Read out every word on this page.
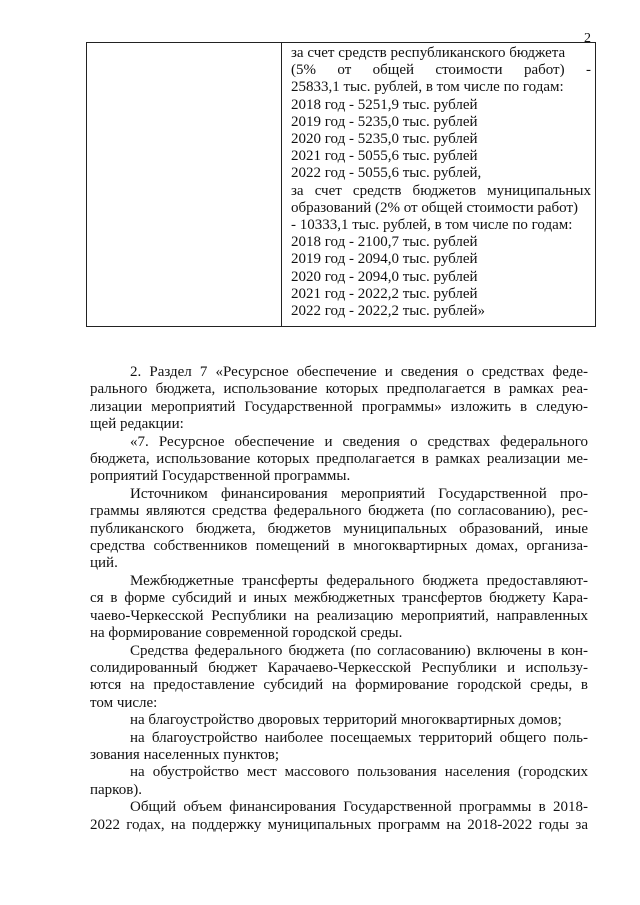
2
за счет средств республиканского бюджета
(5% от общей стоимости работ) -
25833,1 тыс. рублей, в том числе по годам:
2018 год - 5251,9 тыс. рублей
2019 год - 5235,0 тыс. рублей
2020 год - 5235,0 тыс. рублей
2021 год - 5055,6 тыс. рублей
2022 год - 5055,6 тыс. рублей,
за счет средств бюджетов муниципальных
образований (2% от общей стоимости работ)
- 10333,1 тыс. рублей, в том числе по годам:
2018 год - 2100,7 тыс. рублей
2019 год - 2094,0 тыс. рублей
2020 год - 2094,0 тыс. рублей
2021 год - 2022,2 тыс. рублей
2022 год - 2022,2 тыс. рублей»
2. Раздел 7 «Ресурсное обеспечение и сведения о средствах феде-
рального бюджета, использование которых предполагается в рамках реа-
лизации мероприятий Государственной программы» изложить в следую-
щей редакции:
«7. Ресурсное обеспечение и сведения о средствах федерального
бюджета, использование которых предполагается в рамках реализации ме-
роприятий Государственной программы.
Источником финансирования мероприятий Государственной про-
граммы являются средства федерального бюджета (по согласованию), рес-
публиканского бюджета, бюджетов муниципальных образований, иные
средства собственников помещений в многоквартирных домах, организа-
ций.
Межбюджетные трансферты федерального бюджета предоставляют-
ся в форме субсидий и иных межбюджетных трансфертов бюджету Кара-
чаево-Черкесской Республики на реализацию мероприятий, направленных
на формирование современной городской среды.
Средства федерального бюджета (по согласованию) включены в кон-
солидированный бюджет Карачаево-Черкесской Республики и использу-
ются на предоставление субсидий на формирование городской среды, в
том числе:
на благоустройство дворовых территорий многоквартирных домов;
на благоустройство наиболее посещаемых территорий общего поль-
зования населенных пунктов;
на обустройство мест массового пользования населения (городских
парков).
Общий объем финансирования Государственной программы в 2018-
2022 годах, на поддержку муниципальных программ на 2018-2022 годы за
